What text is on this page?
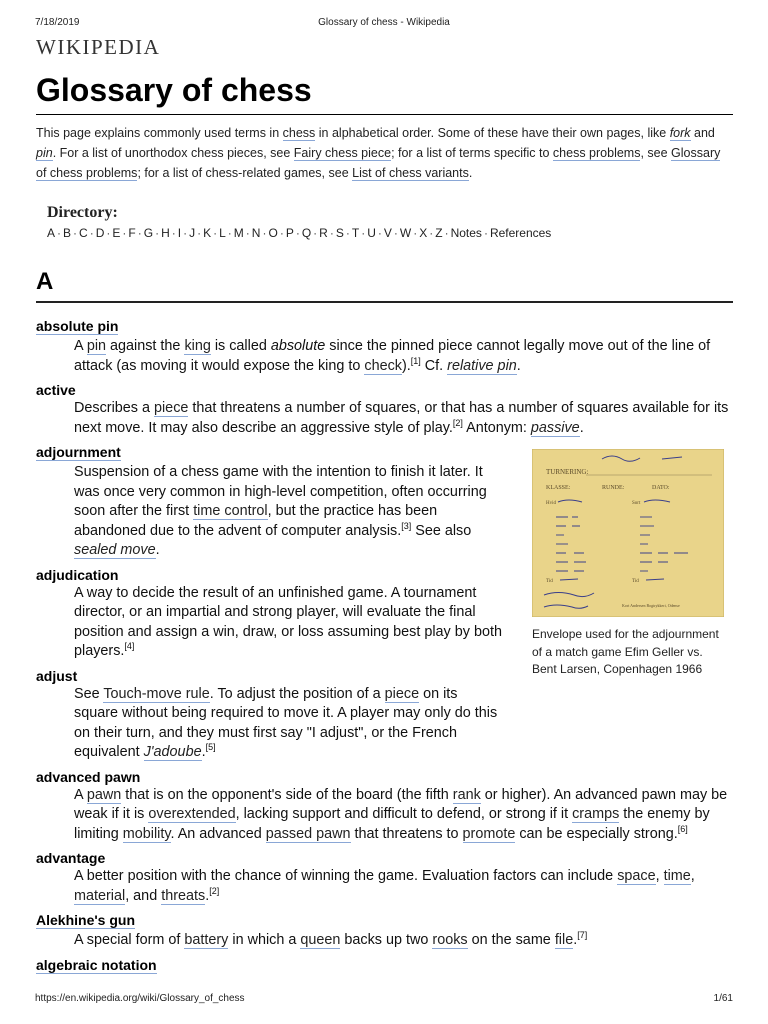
7/18/2019	Glossary of chess - Wikipedia
WIKIPEDIA
Glossary of chess
This page explains commonly used terms in chess in alphabetical order. Some of these have their own pages, like fork and pin. For a list of unorthodox chess pieces, see Fairy chess piece; for a list of terms specific to chess problems, see Glossary of chess problems; for a list of chess-related games, see List of chess variants.
Directory:
A · B · C · D · E · F · G · H · I · J · K · L · M · N · O · P · Q · R · S · T · U · V · W · X · Z · Notes · References
A
absolute pin
A pin against the king is called absolute since the pinned piece cannot legally move out of the line of attack (as moving it would expose the king to check).[1] Cf. relative pin.
active
Describes a piece that threatens a number of squares, or that has a number of squares available for its next move. It may also describe an aggressive style of play.[2] Antonym: passive.
adjournment
Suspension of a chess game with the intention to finish it later. It was once very common in high-level competition, often occurring soon after the first time control, but the practice has been abandoned due to the advent of computer analysis.[3] See also sealed move.
adjudication
A way to decide the result of an unfinished game. A tournament director, or an impartial and strong player, will evaluate the final position and assign a win, draw, or loss assuming best play by both players.[4]
adjust
See Touch-move rule. To adjust the position of a piece on its square without being required to move it. A player may only do this on their turn, and they must first say "I adjust", or the French equivalent J'adoube.[5]
advanced pawn
A pawn that is on the opponent's side of the board (the fifth rank or higher). An advanced pawn may be weak if it is overextended, lacking support and difficult to defend, or strong if it cramps the enemy by limiting mobility. An advanced passed pawn that threatens to promote can be especially strong.[6]
advantage
A better position with the chance of winning the game. Evaluation factors can include space, time, material, and threats.[2]
Alekhine's gun
A special form of battery in which a queen backs up two rooks on the same file.[7]
algebraic notation
TURNERING:
KLASSE:	RUNDE:	DATO:
Hvid	Sort
Tid	Tid
Kort Andersen Bogtrykkeri, Odense
Envelope used for the adjournment of a match game Efim Geller vs. Bent Larsen, Copenhagen 1966
https://en.wikipedia.org/wiki/Glossary_of_chess	1/61
